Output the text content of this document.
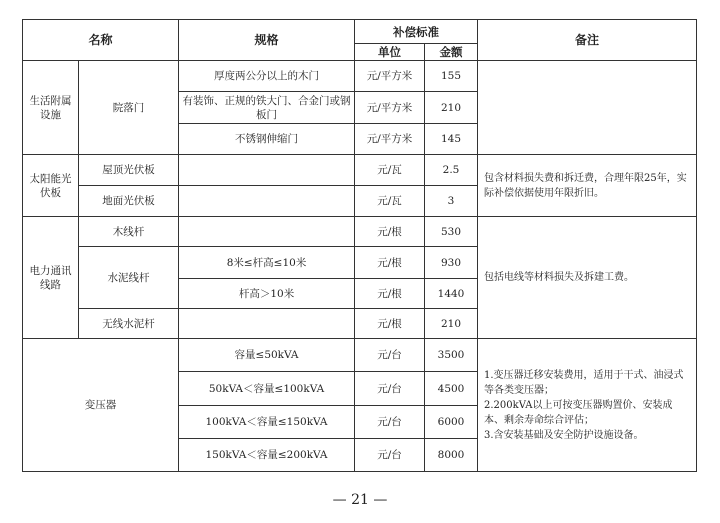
名称		规格	补偿标准		备注
			单位	金额	
生活附属设施	院落门	厚度两公分以上的木门	元/平方米	155	
		有装饰、正规的铁大门、合金门或钢板门	元/平方米	210	
		不锈钢伸缩门	元/平方米	145	
太阳能光伏板	屋顶光伏板		元/瓦	2.5	包含材料损失费和拆迁费，合理年限25年，实际补偿依据使用年限折旧。
	地面光伏板		元/瓦	3	
电力通讯线路	木线杆		元/根	530	包括电线等材料损失及拆建工费。
	水泥线杆	8米≤杆高≤10米	元/根	930	
		杆高＞10米	元/根	1440	
	无线水泥杆		元/根	210	
变压器		容量≤50kVA	元/台	3500	1.变压器迁移安装费用，适用于干式、油浸式等各类变压器；
2.200kVA以上可按变压器购置价、安装成本、剩余寿命综合评估；
3.含安装基础及安全防护设施设备。

		50kVA＜容量≤100kVA	元/台	4500	
		100kVA＜容量≤150kVA	元/台	6000	
		150kVA＜容量≤200kVA	元/台	8000	
— 21 —
